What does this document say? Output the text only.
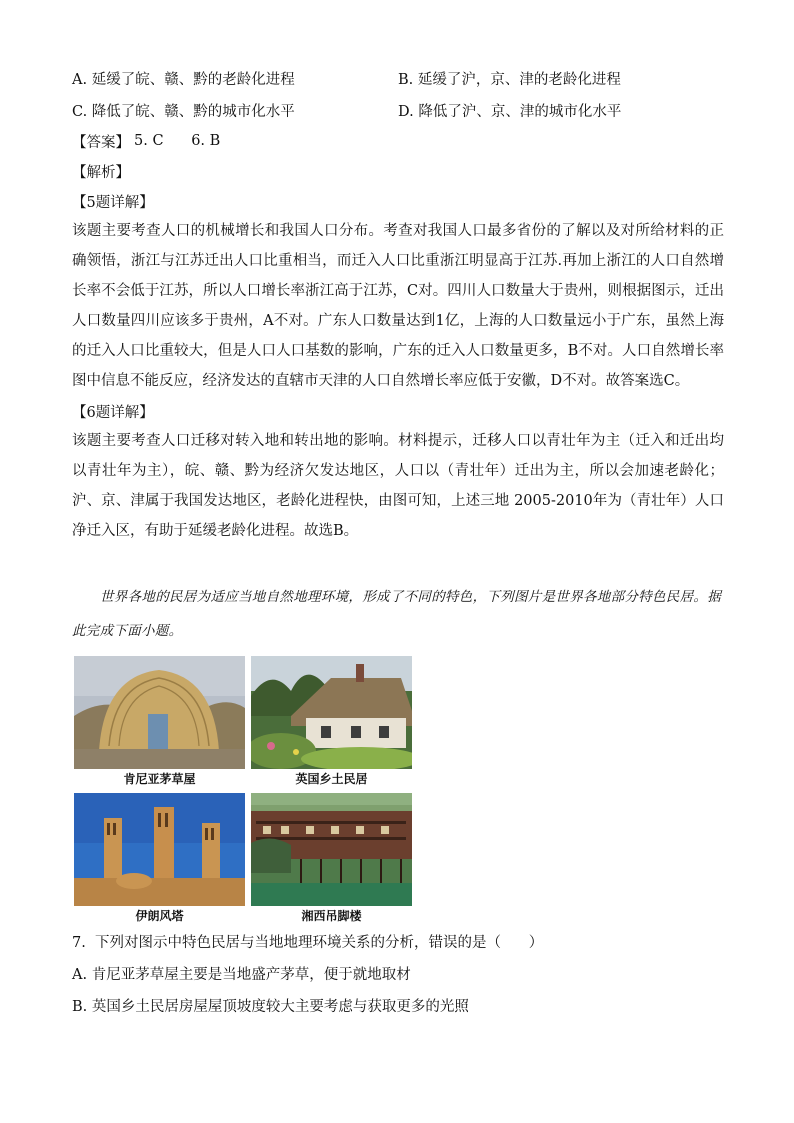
A. 延缓了皖、赣、黔的老龄化进程	B. 延缓了沪，京、津的老龄化进程
C. 降低了皖、赣、黔的城市化水平	D. 降低了沪、京、津的城市化水平
【答案】 5. C      6. B
【解析】
【5题详解】

该题主要考查人口的机械增长和我国人口分布。考查对我国人口最多省份的了解以及对所给材料的正确领悟，浙江与江苏迁出人口比重相当，而迁入人口比重浙江明显高于江苏.再加上浙江的人口自然增长率不会低于江苏，所以人口增长率浙江高于江苏，C对。四川人口数量大于贵州，则根据图示，迁出人口数量四川应该多于贵州，A不对。广东人口数量达到1亿，上海的人口数量远小于广东，虽然上海的迁入人口比重较大，但是人口人口基数的影响，广东的迁入人口数量更多，B不对。人口自然增长率图中信息不能反应，经济发达的直辖市天津的人口自然增长率应低于安徽，D不对。故答案选C。

【6题详解】

该题主要考查人口迁移对转入地和转出地的影响。材料提示，迁移人口以青壮年为主（迁入和迁出均以青壮年为主），皖、赣、黔为经济欠发达地区，人口以（青壮年）迁出为主，所以会加速老龄化；沪、京、津属于我国发达地区，老龄化进程快，由图可知，上述三地 2005-2010年为（青壮年）人口净迁入区，有助于延缓老龄化进程。故选B。

世界各地的民居为适应当地自然地理环境，形成了不同的特色，下列图片是世界各地部分特色民居。据此完成下面小题。

肯尼亚茅草屋	英国乡土民居
伊朗风塔	湘西吊脚楼
7.  下列对图示中特色民居与当地地理环境关系的分析，错误的是（      ）
A. 肯尼亚茅草屋主要是当地盛产茅草，便于就地取材
B. 英国乡土民居房屋屋顶坡度较大主要考虑与获取更多的光照
